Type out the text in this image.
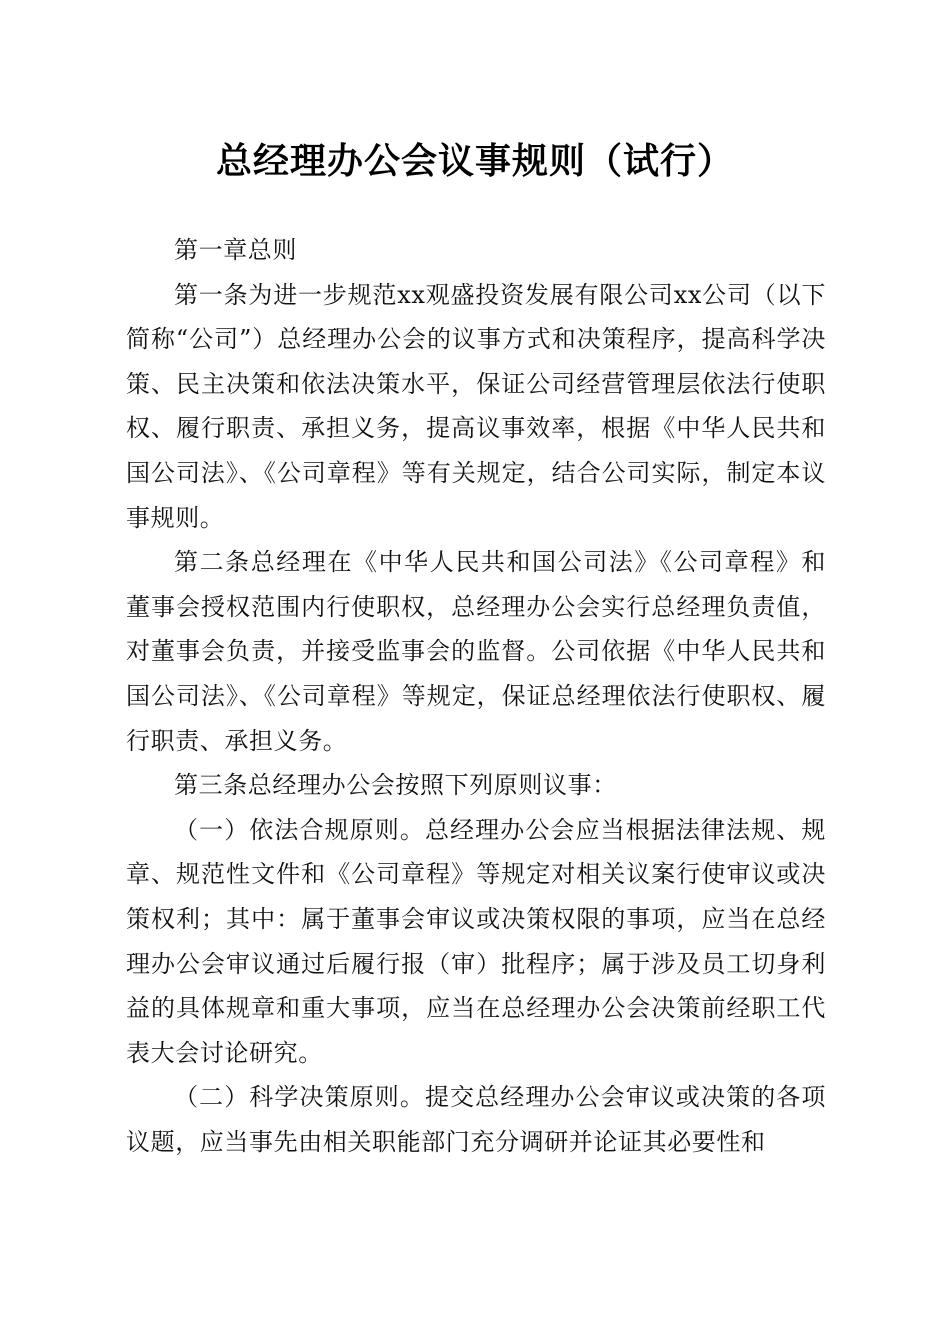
总经理办公会议事规则（试行）

第一章总则

第一条为进一步规范xx观盛投资发展有限公司xx公司（以下简称“公司”）总经理办公会的议事方式和决策程序，提高科学决策、民主决策和依法决策水平，保证公司经营管理层依法行使职权、履行职责、承担义务，提高议事效率，根据《中华人民共和国公司法》、《公司章程》等有关规定，结合公司实际，制定本议事规则。

第二条总经理在《中华人民共和国公司法》《公司章程》和董事会授权范围内行使职权，总经理办公会实行总经理负责值，对董事会负责，并接受监事会的监督。公司依据《中华人民共和国公司法》、《公司章程》等规定，保证总经理依法行使职权、履行职责、承担义务。

第三条总经理办公会按照下列原则议事：

（一）依法合规原则。总经理办公会应当根据法律法规、规章、规范性文件和《公司章程》等规定对相关议案行使审议或决策权利；其中：属于董事会审议或决策权限的事项，应当在总经理办公会审议通过后履行报（审）批程序；属于涉及员工切身利益的具体规章和重大事项，应当在总经理办公会决策前经职工代表大会讨论研究。

（二）科学决策原则。提交总经理办公会审议或决策的各项议题，应当事先由相关职能部门充分调研并论证其必要性和
